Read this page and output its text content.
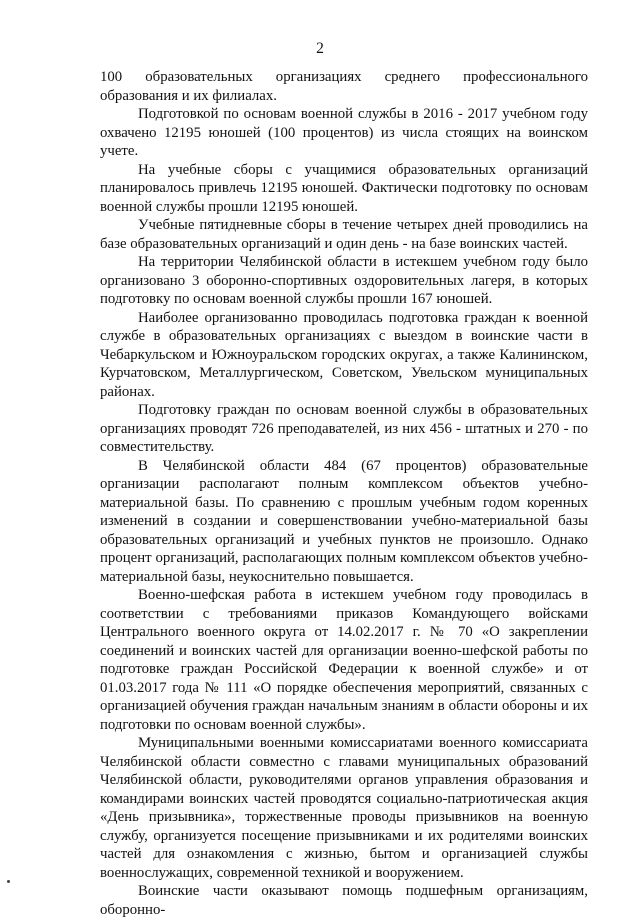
2

100 образовательных организациях среднего профессионального образования и их филиалах.

Подготовкой по основам военной службы в 2016 - 2017 учебном году охвачено 12195 юношей (100 процентов) из числа стоящих на воинском учете.

На учебные сборы с учащимися образовательных организаций планировалось привлечь 12195 юношей. Фактически подготовку по основам военной службы прошли 12195 юношей.

Учебные пятидневные сборы в течение четырех дней проводились на базе образовательных организаций и один день - на базе воинских частей.

На территории Челябинской области в истекшем учебном году было организовано 3 оборонно-спортивных оздоровительных лагеря, в которых подготовку по основам военной службы прошли 167 юношей.

Наиболее организованно проводилась подготовка граждан к военной службе в образовательных организациях с выездом в воинские части в Чебаркульском и Южноуральском городских округах, а также Калининском, Курчатовском, Металлургическом, Советском, Увельском муниципальных районах.

Подготовку граждан по основам военной службы в образовательных организациях проводят 726 преподавателей, из них 456 - штатных и 270 - по совместительству.

В Челябинской области 484 (67 процентов) образовательные организации располагают полным комплексом объектов учебно-материальной базы. По сравнению с прошлым учебным годом коренных изменений в создании и совершенствовании учебно-материальной базы образовательных организаций и учебных пунктов не произошло. Однако процент организаций, располагающих полным комплексом объектов учебно-материальной базы, неукоснительно повышается.

Военно-шефская работа в истекшем учебном году проводилась в соответствии с требованиями приказов Командующего войсками Центрального военного округа от 14.02.2017 г. № 70 «О закреплении соединений и воинских частей для организации военно-шефской работы по подготовке граждан Российской Федерации к военной службе» и от 01.03.2017 года № 111 «О порядке обеспечения мероприятий, связанных с организацией обучения граждан начальным знаниям в области обороны и их подготовки по основам военной службы».

Муниципальными военными комиссариатами военного комиссариата Челябинской области совместно с главами муниципальных образований Челябинской области, руководителями органов управления образования и командирами воинских частей проводятся социально-патриотическая акция «День призывника», торжественные проводы призывников на военную службу, организуется посещение призывниками и их родителями воинских частей для ознакомления с жизнью, бытом и организацией службы военнослужащих, современной техникой и вооружением.

Воинские части оказывают помощь подшефным организациям, оборонно-
